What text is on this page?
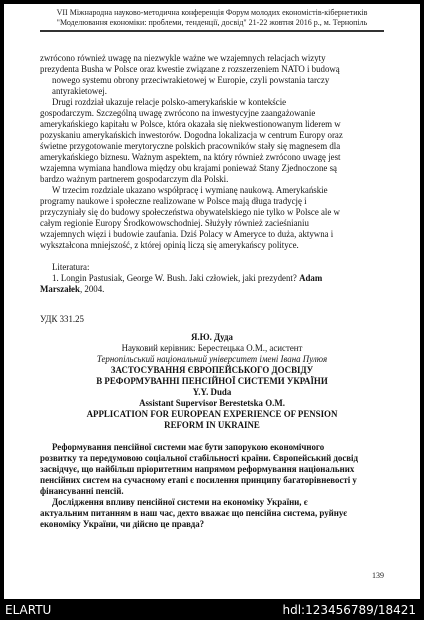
VII Міжнародна науково-методична конференція Форум молодих економістів-кібернетиків
"Моделювання економіки: проблеми, тенденції, досвід" 21-22 жовтня 2016 р., м. Тернопіль
zwrócono również uwagę na niezwykle ważne we wzajemnych relacjach wizyty
prezydenta Busha w Polsce oraz kwestie związane z rozszerzeniem NATO i budową
nowego systemu obrony przeciwrakietowej w Europie, czyli powstania tarczy
antyrakietowej.
Drugi rozdział ukazuje relacje polsko-amerykańskie w kontekście
gospodarczym. Szczególną uwagę zwrócono na inwestycyjne zaangażowanie
amerykańskiego kapitału w Polsce, która okazała się niekwestionowanym liderem w
pozyskaniu amerykańskich inwestorów. Dogodna lokalizacja w centrum Europy oraz
świetne przygotowanie merytoryczne polskich pracowników stały się magnesem dla
amerykańskiego biznesu. Ważnym aspektem, na który również zwrócono uwagę jest
wzajemna wymiana handlowa między obu krajami ponieważ Stany Zjednoczone są
bardzo ważnym partnerem gospodarczym dla Polski.
W trzecim rozdziale ukazano współpracę i wymianę naukową. Amerykańskie
programy naukowe i społeczne realizowane w Polsce mają długa tradycję i
przyczyniały się do budowy społeczeństwa obywatelskiego nie tylko w Polsce ale w
całym regionie Europy Środkowowschodniej. Służyły również zacieśnianiu
wzajemnych więzi i budowie zaufania. Dziś Polacy w Ameryce to duża, aktywna i
wykształcona mniejszość, z której opinią liczą się amerykańscy polityce.
Literatura:
1. Longin Pastusiak, George W. Bush. Jaki człowiek, jaki prezydent? Adam
Marszałek, 2004.
УДК 331.25
Я.Ю. Дуда
Науковий керівник: Берестецька О.М., асистент
Тернопільський національний університет імені Івана Пулюя
ЗАСТОСУВАННЯ ЄВРОПЕЙСЬКОГО ДОСВІДУ
В РЕФОРМУВАННІ ПЕНСІЙНОЇ СИСТЕМИ УКРАЇНИ
Y.Y. Duda
Assistant Supervisor Berestetska O.M.
APPLICATION FOR EUROPEAN EXPERIENCE OF PENSION
REFORM IN UKRAINE
Реформування пенсійної системи має бути запорукою економічного
розвитку та передумовою соціальної стабільності країни. Європейський досвід
засвідчує, що найбільш пріоритетним напрямом реформування національних
пенсійних систем на сучасному етапі є посилення принципу багаторівневості у
фінансуванні пенсій.
Дослідження впливу пенсійної системи на економіку України, є
актуальним питанням в наш час, дехто вважає що пенсійна система, руйнує
економіку України, чи дійсно це правда?
139
ELARTU	hdl:123456789/18421
